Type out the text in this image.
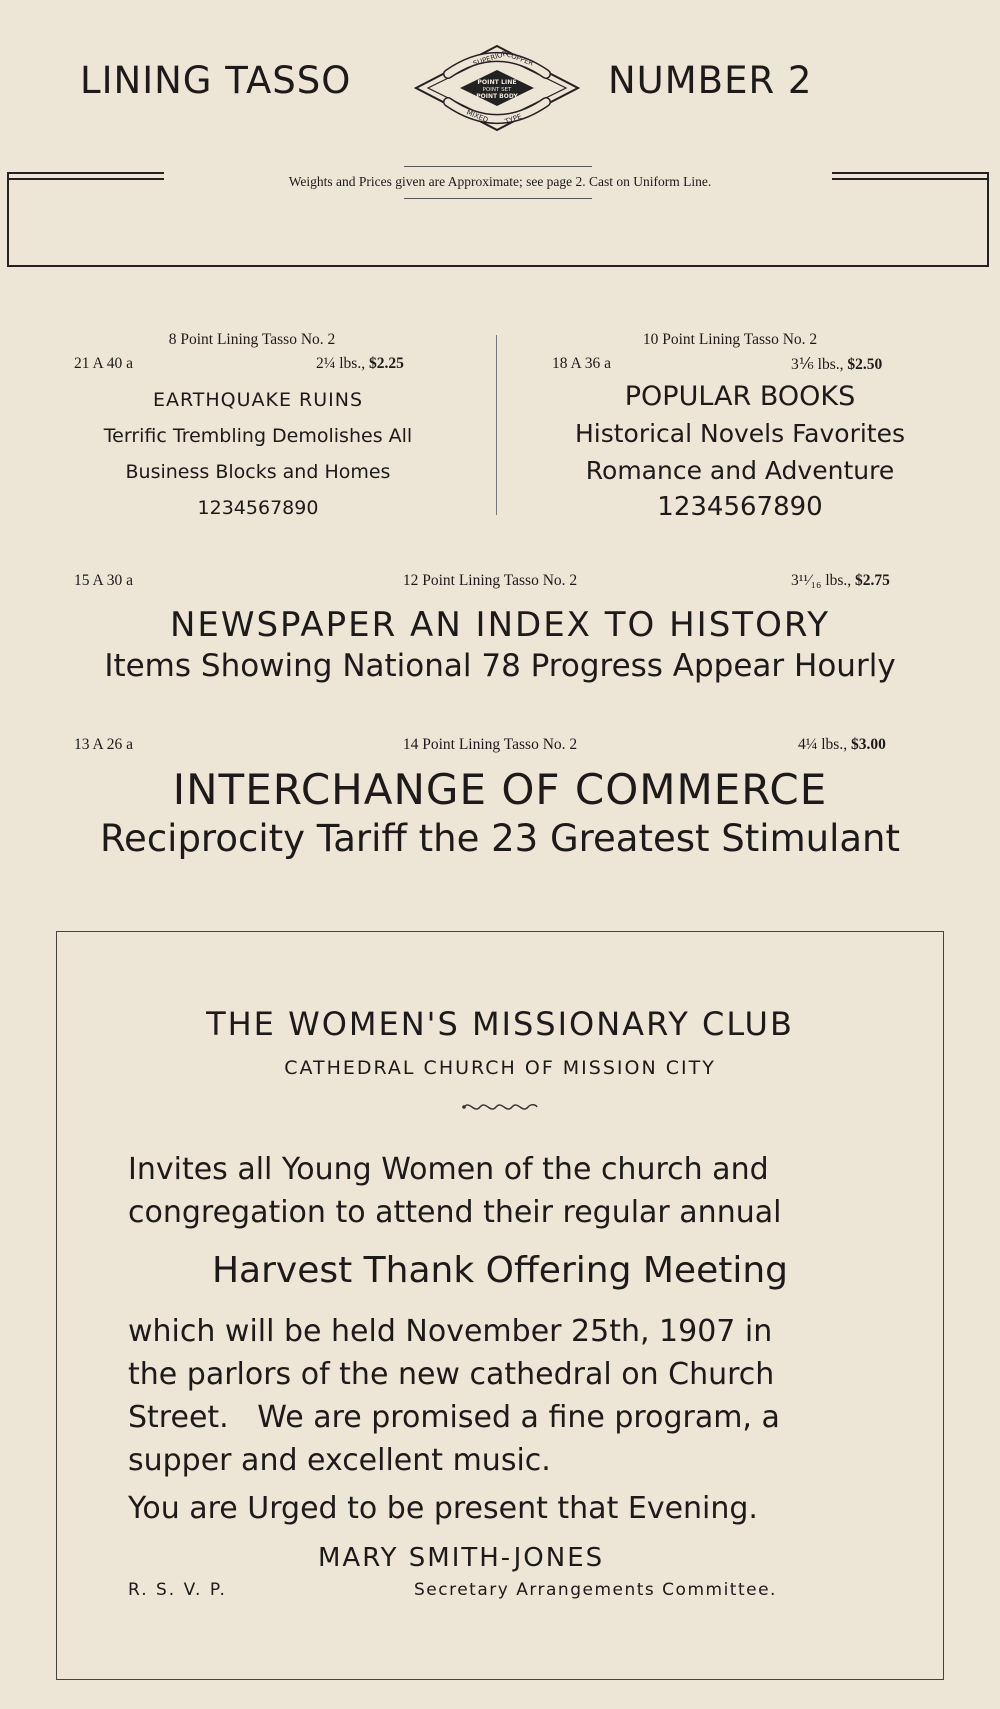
LINING TASSO	NUMBER 2
SUPERIOR
COPPER
POINT LINE
POINT SET
POINT BODY
MIXED TYPE
Weights and Prices given are Approximate; see page 2. Cast on Uniform Line.
8 Point Lining Tasso No. 2
21 A 40 a	2¼ lbs., $2.25
EARTHQUAKE RUINS
Terrific Trembling Demolishes All
Business Blocks and Homes
1234567890
10 Point Lining Tasso No. 2
18 A 36 a	3⅙ lbs., $2.50
POPULAR BOOKS
Historical Novels Favorites
Romance and Adventure
1234567890
15 A 30 a	12 Point Lining Tasso No. 2	3¹¹⁄₁₆ lbs., $2.75
NEWSPAPER AN INDEX TO HISTORY
Items Showing National 78 Progress Appear Hourly
13 A 26 a	14 Point Lining Tasso No. 2	4¼ lbs., $3.00
INTERCHANGE OF COMMERCE
Reciprocity Tariff the 23 Greatest Stimulant
THE WOMEN'S MISSIONARY CLUB
CATHEDRAL CHURCH OF MISSION CITY
Invites all Young Women of the church and
congregation to attend their regular annual
Harvest Thank Offering Meeting
which will be held November 25th, 1907 in
the parlors of the new cathedral on Church
Street.   We are promised a fine program, a
supper and excellent music.
You are Urged to be present that Evening.
MARY SMITH-JONES
R. S. V. P.	Secretary Arrangements Committee.
